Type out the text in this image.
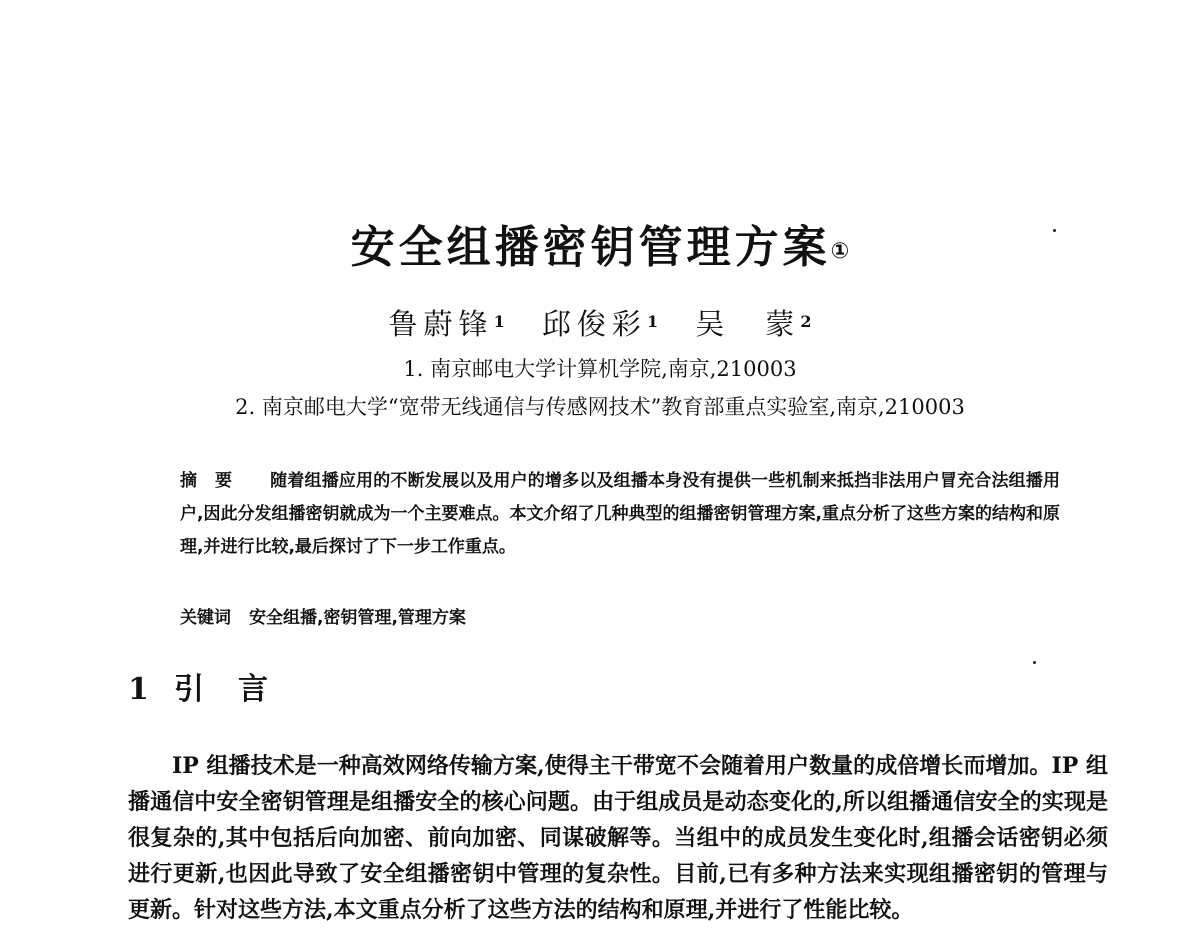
安全组播密钥管理方案①
鲁蔚锋$^1$ 邱俊彩$^1$ 吴　蒙$^2$
1. 南京邮电大学计算机学院,南京,210003
2. 南京邮电大学“宽带无线通信与传感网技术”教育部重点实验室,南京,210003
摘要 随着组播应用的不断发展以及用户的增多以及组播本身没有提供一些机制来抵挡非法用户冒充合法组播用户,因此分发组播密钥就成为一个主要难点。本文介绍了几种典型的组播密钥管理方案,重点分析了这些方案的结构和原理,并进行比较,最后探讨了下一步工作重点。
关键词 安全组播,密钥管理,管理方案
1 引言

IP 组播技术是一种高效网络传输方案,使得主干带宽不会随着用户数量的成倍增长而增加。IP 组播通信中安全密钥管理是组播安全的核心问题。由于组成员是动态变化的,所以组播通信安全的实现是很复杂的,其中包括后向加密、前向加密、同谋破解等。当组中的成员发生变化时,组播会话密钥必须进行更新,也因此导致了安全组播密钥中管理的复杂性。目前,已有多种方法来实现组播密钥的管理与更新。针对这些方法,本文重点分析了这些方法的结构和原理,并进行了性能比较。
